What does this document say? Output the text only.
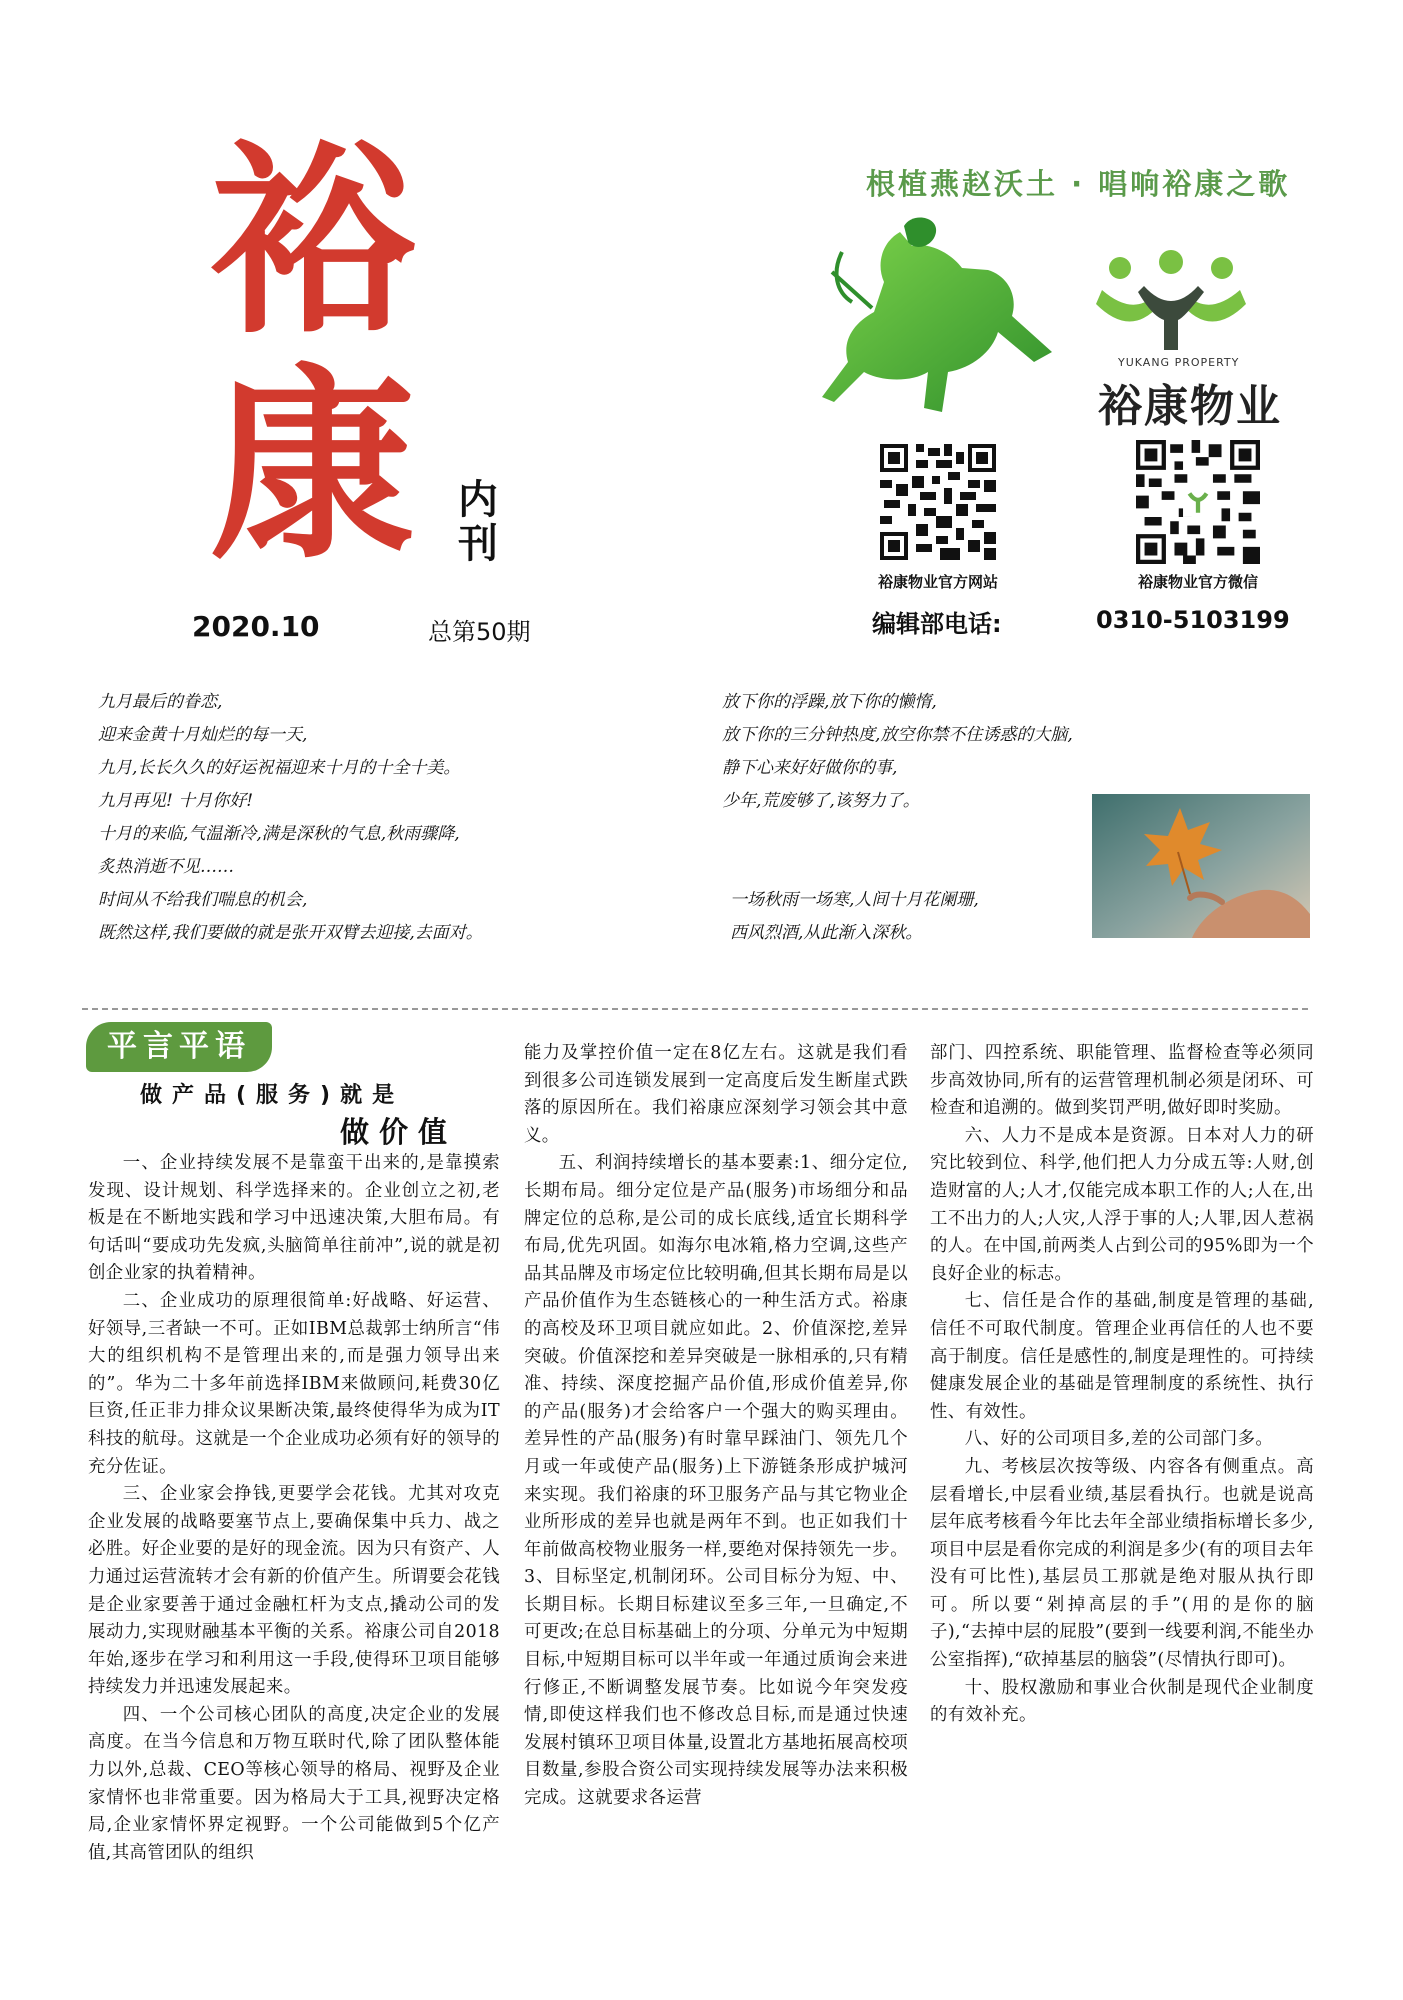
裕
康 内刊
2020.10	总第50期
根植燕赵沃土 · 唱响裕康之歌
YUKANG PROPERTY
裕康物业
裕康物业官方网站	裕康物业官方微信
编辑部电话:	0310-5103199
九月最后的眷恋,
迎来金黄十月灿烂的每一天,
九月,长长久久的好运祝福迎来十月的十全十美。
九月再见! 十月你好!
十月的来临,气温渐冷,满是深秋的气息,秋雨骤降,
炙热消逝不见……
时间从不给我们喘息的机会,
既然这样,我们要做的就是张开双臂去迎接,去面对。
放下你的浮躁,放下你的懒惰,
放下你的三分钟热度,放空你禁不住诱惑的大脑,
静下心来好好做你的事,
少年,荒废够了,该努力了。
一场秋雨一场寒,人间十月花阑珊,
西风烈酒,从此渐入深秋。
平言平语
做产品(服务)就是
做价值

一、企业持续发展不是靠蛮干出来的,是靠摸索发现、设计规划、科学选择来的。企业创立之初,老板是在不断地实践和学习中迅速决策,大胆布局。有句话叫“要成功先发疯,头脑简单往前冲”,说的就是初创企业家的执着精神。

二、企业成功的原理很简单:好战略、好运营、好领导,三者缺一不可。正如IBM总裁郭士纳所言“伟大的组织机构不是管理出来的,而是强力领导出来的”。华为二十多年前选择IBM来做顾问,耗费30亿巨资,任正非力排众议果断决策,最终使得华为成为IT科技的航母。这就是一个企业成功必须有好的领导的充分佐证。

三、企业家会挣钱,更要学会花钱。尤其对攻克企业发展的战略要塞节点上,要确保集中兵力、战之必胜。好企业要的是好的现金流。因为只有资产、人力通过运营流转才会有新的价值产生。所谓要会花钱是企业家要善于通过金融杠杆为支点,撬动公司的发展动力,实现财融基本平衡的关系。裕康公司自2018年始,逐步在学习和利用这一手段,使得环卫项目能够持续发力并迅速发展起来。

四、一个公司核心团队的高度,决定企业的发展高度。在当今信息和万物互联时代,除了团队整体能力以外,总裁、CEO等核心领导的格局、视野及企业家情怀也非常重要。因为格局大于工具,视野决定格局,企业家情怀界定视野。一个公司能做到5个亿产值,其高管团队的组织

能力及掌控价值一定在8亿左右。这就是我们看到很多公司连锁发展到一定高度后发生断崖式跌落的原因所在。我们裕康应深刻学习领会其中意义。

五、利润持续增长的基本要素:1、细分定位,长期布局。细分定位是产品(服务)市场细分和品牌定位的总称,是公司的成长底线,适宜长期科学布局,优先巩固。如海尔电冰箱,格力空调,这些产品其品牌及市场定位比较明确,但其长期布局是以产品价值作为生态链核心的一种生活方式。裕康的高校及环卫项目就应如此。2、价值深挖,差异突破。价值深挖和差异突破是一脉相承的,只有精准、持续、深度挖掘产品价值,形成价值差异,你的产品(服务)才会给客户一个强大的购买理由。差异性的产品(服务)有时靠早踩油门、领先几个月或一年或使产品(服务)上下游链条形成护城河来实现。我们裕康的环卫服务产品与其它物业企业所形成的差异也就是两年不到。也正如我们十年前做高校物业服务一样,要绝对保持领先一步。3、目标坚定,机制闭环。公司目标分为短、中、长期目标。长期目标建议至多三年,一旦确定,不可更改;在总目标基础上的分项、分单元为中短期目标,中短期目标可以半年或一年通过质询会来进行修正,不断调整发展节奏。比如说今年突发疫情,即使这样我们也不修改总目标,而是通过快速发展村镇环卫项目体量,设置北方基地拓展高校项目数量,参股合资公司实现持续发展等办法来积极完成。这就要求各运营

部门、四控系统、职能管理、监督检查等必须同步高效协同,所有的运营管理机制必须是闭环、可检查和追溯的。做到奖罚严明,做好即时奖励。

六、人力不是成本是资源。日本对人力的研究比较到位、科学,他们把人力分成五等:人财,创造财富的人;人才,仅能完成本职工作的人;人在,出工不出力的人;人灾,人浮于事的人;人罪,因人惹祸的人。在中国,前两类人占到公司的95%即为一个良好企业的标志。

七、信任是合作的基础,制度是管理的基础,信任不可取代制度。管理企业再信任的人也不要高于制度。信任是感性的,制度是理性的。可持续健康发展企业的基础是管理制度的系统性、执行性、有效性。

八、好的公司项目多,差的公司部门多。

九、考核层次按等级、内容各有侧重点。高层看增长,中层看业绩,基层看执行。也就是说高层年底考核看今年比去年全部业绩指标增长多少,项目中层是看你完成的利润是多少(有的项目去年没有可比性),基层员工那就是绝对服从执行即可。所以要“剁掉高层的手”(用的是你的脑子),“去掉中层的屁股”(要到一线要利润,不能坐办公室指挥),“砍掉基层的脑袋”(尽情执行即可)。

十、股权激励和事业合伙制是现代企业制度的有效补充。
